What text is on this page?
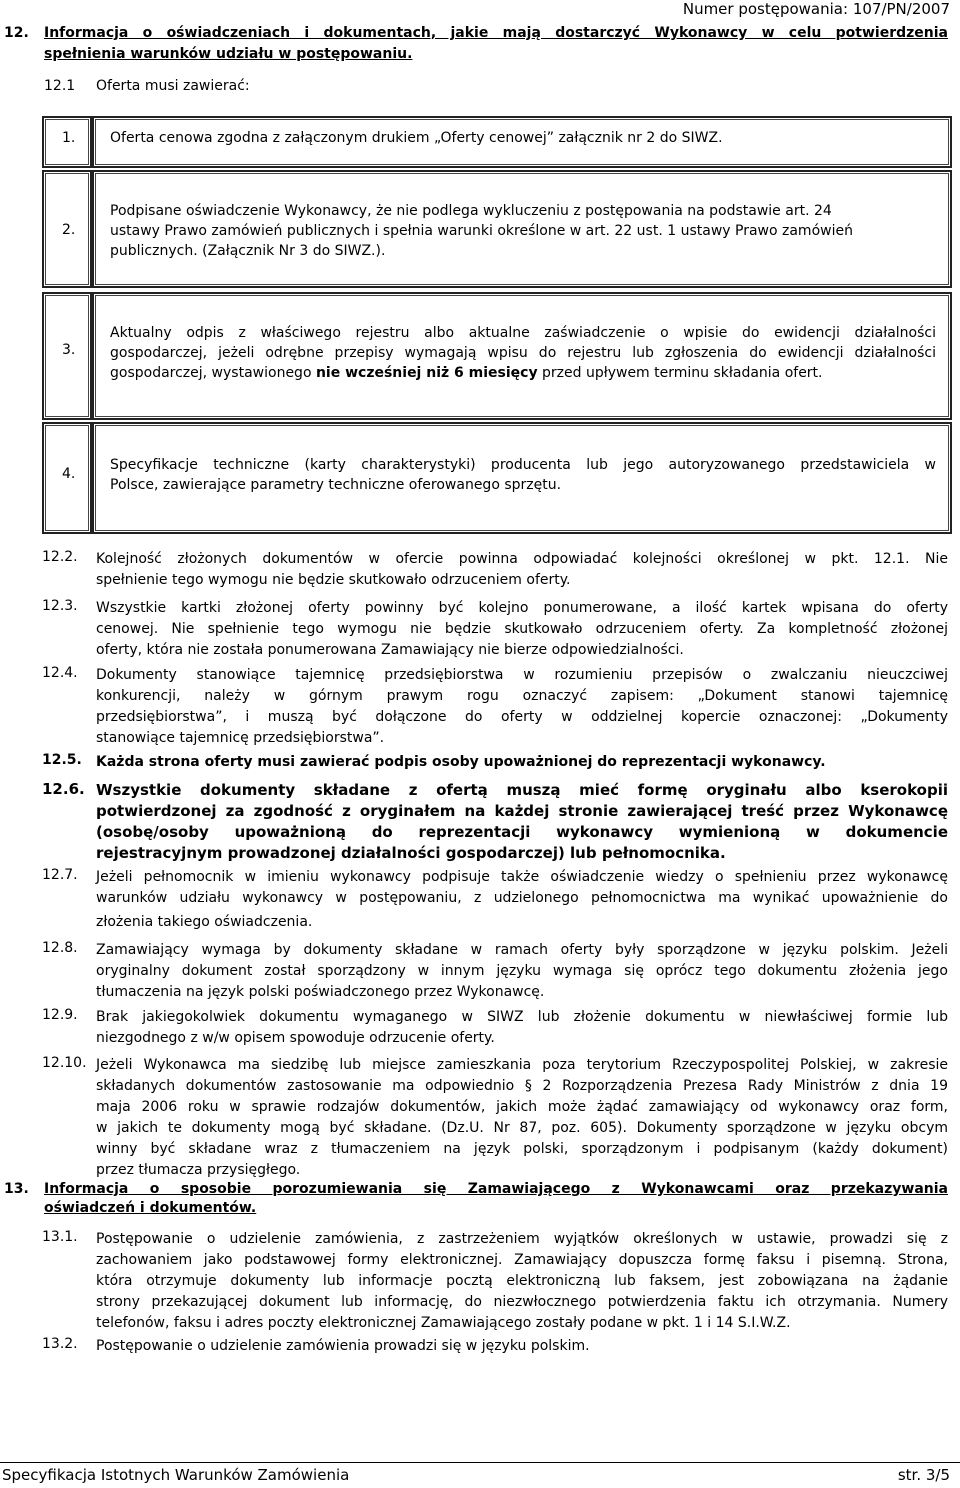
Numer postępowania: 107/PN/2007
12. Informacja o oświadczeniach i dokumentach, jakie mają dostarczyć Wykonawcy w celu potwierdzenia
spełnienia warunków udziału w postępowaniu.
12.1 Oferta musi zawierać:
1. Oferta cenowa zgodna z załączonym drukiem „Oferty cenowej” załącznik nr 2 do SIWZ.
2.
Podpisane oświadczenie Wykonawcy, że nie podlega wykluczeniu z postępowania na podstawie art. 24
ustawy Prawo zamówień publicznych i spełnia warunki określone w art. 22 ust. 1 ustawy Prawo zamówień
publicznych. (Załącznik Nr 3 do SIWZ.).
3.
Aktualny odpis z właściwego rejestru albo aktualne zaświadczenie o wpisie do ewidencji działalności
gospodarczej, jeżeli odrębne przepisy wymagają wpisu do rejestru lub zgłoszenia do ewidencji działalności
gospodarczej, wystawionego nie wcześniej niż 6 miesięcy przed upływem terminu składania ofert.
4.
Specyfikacje techniczne (karty charakterystyki) producenta lub jego autoryzowanego przedstawiciela w
Polsce, zawierające parametry techniczne oferowanego sprzętu.
12.2. Kolejność złożonych dokumentów w ofercie powinna odpowiadać kolejności określonej w pkt. 12.1. Nie
spełnienie tego wymogu nie będzie skutkowało odrzuceniem oferty.
12.3. Wszystkie kartki złożonej oferty powinny być kolejno ponumerowane, a ilość kartek wpisana do oferty
cenowej. Nie spełnienie tego wymogu nie będzie skutkowało odrzuceniem oferty. Za kompletność złożonej
oferty, która nie została ponumerowana Zamawiający nie bierze odpowiedzialności.
12.4. Dokumenty stanowiące tajemnicę przedsiębiorstwa w rozumieniu przepisów o zwalczaniu nieuczciwej
konkurencji, należy w górnym prawym rogu oznaczyć zapisem: „Dokument stanowi tajemnicę
przedsiębiorstwa”, i muszą być dołączone do oferty w oddzielnej kopercie oznaczonej: „Dokumenty
stanowiące tajemnicę przedsiębiorstwa”.
12.5. Każda strona oferty musi zawierać podpis osoby upoważnionej do reprezentacji wykonawcy.
12.6. Wszystkie dokumenty składane z ofertą muszą mieć formę oryginału albo kserokopii
potwierdzonej za zgodność z oryginałem na każdej stronie zawierającej treść przez Wykonawcę
(osobę/osoby upoważnioną do reprezentacji wykonawcy wymienioną w dokumencie
rejestracyjnym prowadzonej działalności gospodarczej) lub pełnomocnika.
12.7. Jeżeli pełnomocnik w imieniu wykonawcy podpisuje także oświadczenie wiedzy o spełnieniu przez wykonawcę
warunków udziału wykonawcy w postępowaniu, z udzielonego pełnomocnictwa ma wynikać upoważnienie do
złożenia takiego oświadczenia.
12.8. Zamawiający wymaga by dokumenty składane w ramach oferty były sporządzone w języku polskim. Jeżeli
oryginalny dokument został sporządzony w innym języku wymaga się oprócz tego dokumentu złożenia jego
tłumaczenia na język polski poświadczonego przez Wykonawcę.
12.9. Brak jakiegokolwiek dokumentu wymaganego w SIWZ lub złożenie dokumentu w niewłaściwej formie lub
niezgodnego z w/w opisem spowoduje odrzucenie oferty.
12.10. Jeżeli Wykonawca ma siedzibę lub miejsce zamieszkania poza terytorium Rzeczypospolitej Polskiej, w zakresie
składanych dokumentów zastosowanie ma odpowiednio § 2 Rozporządzenia Prezesa Rady Ministrów z dnia 19
maja 2006 roku w sprawie rodzajów dokumentów, jakich może żądać zamawiający od wykonawcy oraz form,
w jakich te dokumenty mogą być składane. (Dz.U. Nr 87, poz. 605). Dokumenty sporządzone w języku obcym
winny być składane wraz z tłumaczeniem na język polski, sporządzonym i podpisanym (każdy dokument)
przez tłumacza przysięgłego.
13. Informacja o sposobie porozumiewania się Zamawiającego z Wykonawcami oraz przekazywania
oświadczeń i dokumentów.
13.1. Postępowanie o udzielenie zamówienia, z zastrzeżeniem wyjątków określonych w ustawie, prowadzi się z
zachowaniem jako podstawowej formy elektronicznej. Zamawiający dopuszcza formę faksu i pisemną. Strona,
która otrzymuje dokumenty lub informacje pocztą elektroniczną lub faksem, jest zobowiązana na żądanie
strony przekazującej dokument lub informację, do niezwłocznego potwierdzenia faktu ich otrzymania. Numery
telefonów, faksu i adres poczty elektronicznej Zamawiającego zostały podane w pkt. 1 i 14 S.I.W.Z.
13.2. Postępowanie o udzielenie zamówienia prowadzi się w języku polskim.
Specyfikacja Istotnych Warunków Zamówienia	str. 3/5
